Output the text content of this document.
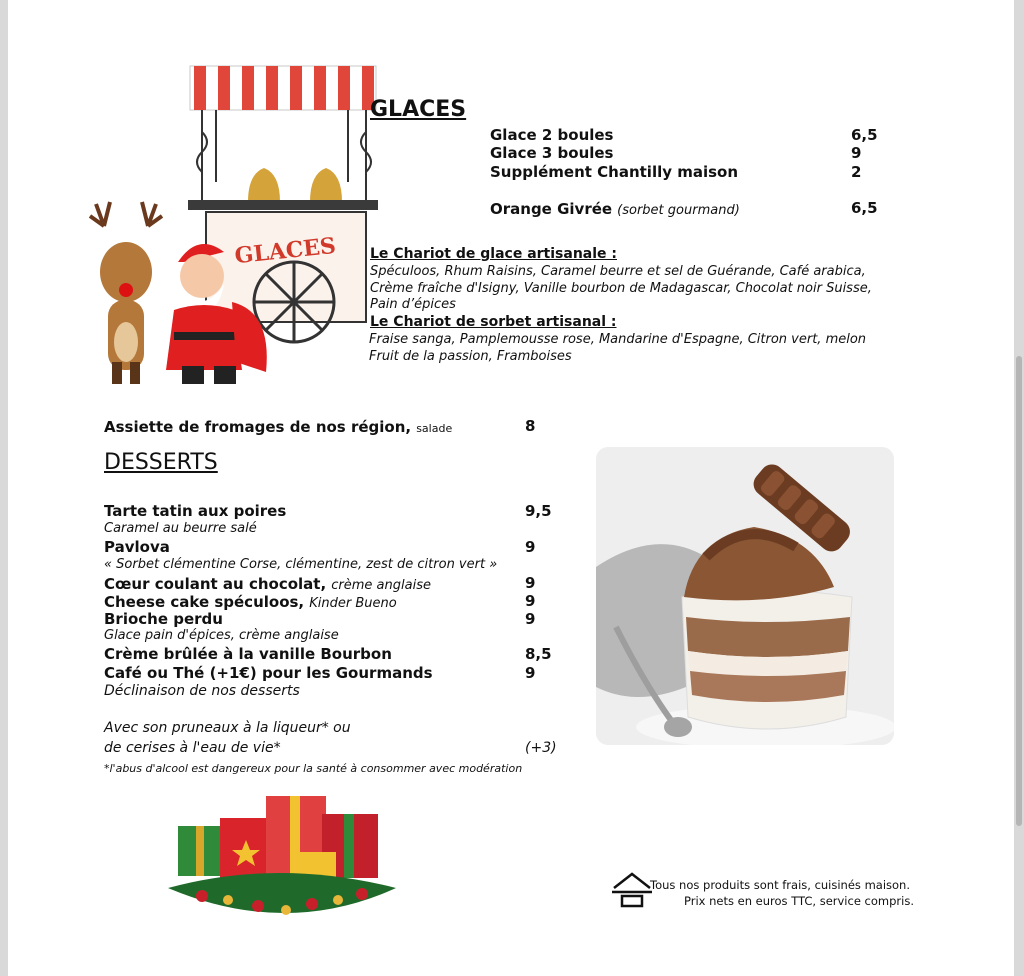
GLACES
GLACES
Glace 2 boules	6,5
Glace 3 boules	9
Supplément Chantilly maison	2
Orange Givrée (sorbet gourmand)	6,5
Le Chariot de glace artisanale :
Spéculoos, Rhum Raisins, Caramel beurre et sel de Guérande, Café arabica,
Crème fraîche d'Isigny, Vanille bourbon de Madagascar, Chocolat noir Suisse,
Pain d’épices
Le Chariot de sorbet artisanal :
Fraise sanga, Pamplemousse rose, Mandarine d'Espagne, Citron vert, melon
Fruit de la passion, Framboises
Assiette de fromages de nos région, salade	8
DESSERTS
Tarte tatin aux poires	9,5
Caramel au beurre salé
Pavlova	9
« Sorbet clémentine Corse, clémentine, zest de citron vert »
Cœur coulant au chocolat, crème anglaise	9
Cheese cake spéculoos, Kinder Bueno	9
Brioche perdu	9
Glace pain d'épices, crème anglaise
Crème brûlée à la vanille Bourbon	8,5
Café ou Thé (+1€) pour les Gourmands	9
Déclinaison de nos desserts
Avec son pruneaux à la liqueur* ou
de cerises à l'eau de vie*	(+3)
*l'abus d'alcool est dangereux pour la santé à consommer avec modération
Tous nos produits sont frais, cuisinés maison.
Prix nets en euros TTC, service compris.
